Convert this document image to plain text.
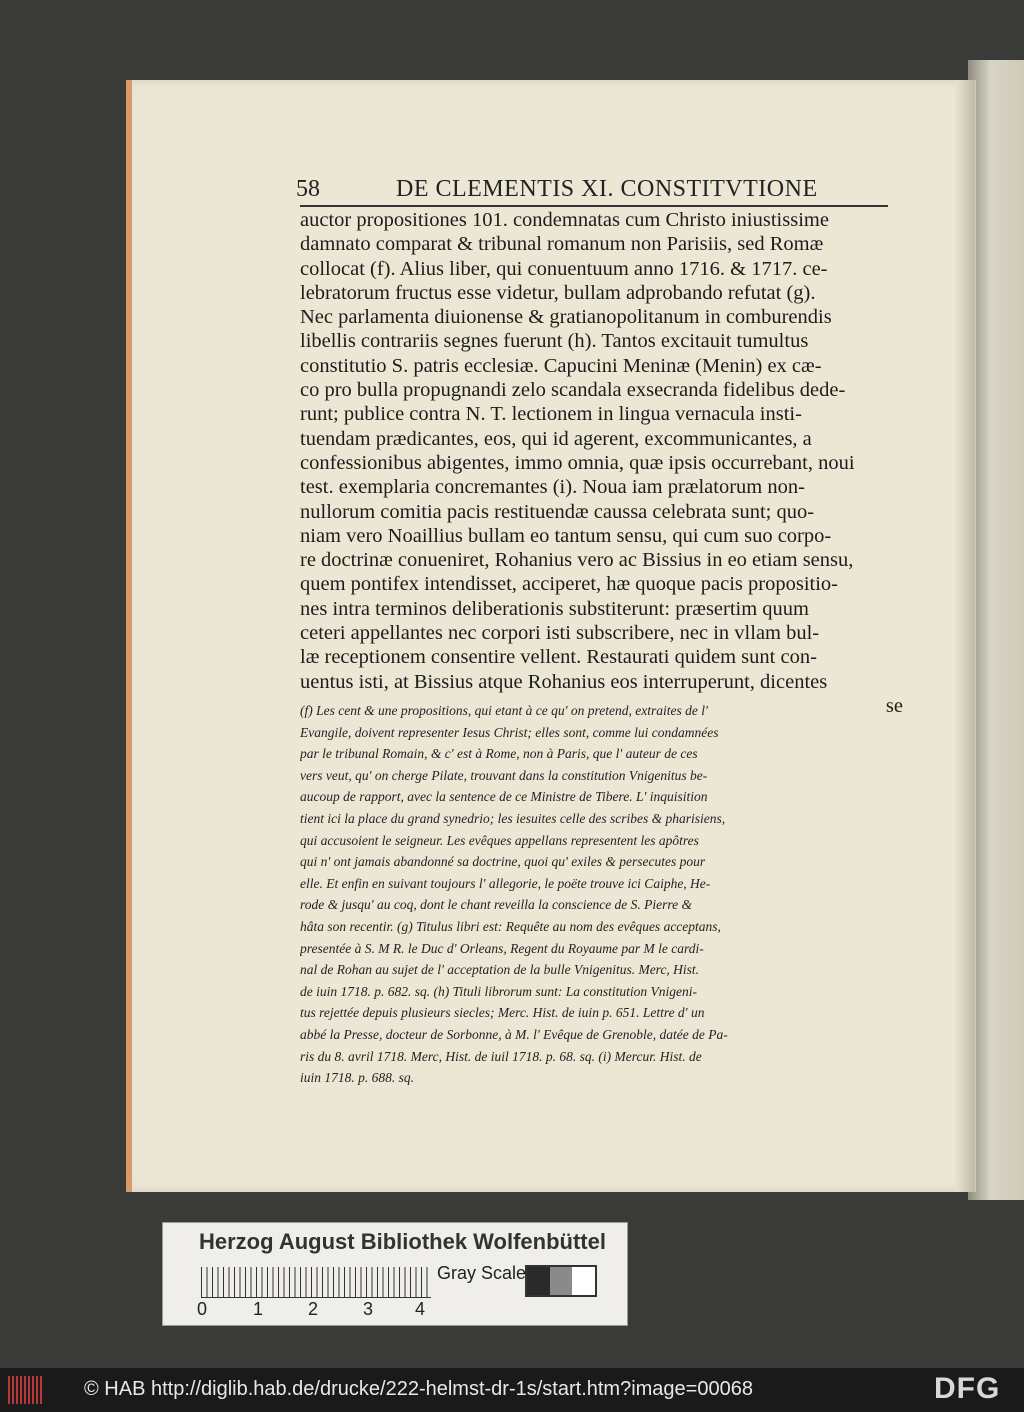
58	DE CLEMENTIS XI. CONSTITVTIONE
auctor propositiones 101. condemnatas cum Christo iniustissime
damnato comparat & tribunal romanum non Parisiis, sed Romæ
collocat (f). Alius liber, qui conuentuum anno 1716. & 1717. ce-
lebratorum fructus esse videtur, bullam adprobando refutat (g).
Nec parlamenta diuionense & gratianopolitanum in comburendis
libellis contrariis segnes fuerunt (h). Tantos excitauit tumultus
constitutio S. patris ecclesiæ. Capucini Meninæ (Menin) ex cæ-
co pro bulla propugnandi zelo scandala exsecranda fidelibus dede-
runt; publice contra N. T. lectionem in lingua vernacula insti-
tuendam prædicantes, eos, qui id agerent, excommunicantes, a
confessionibus abigentes, immo omnia, quæ ipsis occurrebant, noui
test. exemplaria concremantes (i). Noua iam prælatorum non-
nullorum comitia pacis restituendæ caussa celebrata sunt; quo-
niam vero Noaillius bullam eo tantum sensu, qui cum suo corpo-
re doctrinæ conueniret, Rohanius vero ac Bissius in eo etiam sensu,
quem pontifex intendisset, acciperet, hæ quoque pacis propositio-
nes intra terminos deliberationis substiterunt: præsertim quum
ceteri appellantes nec corpori isti subscribere, nec in vllam bul-
læ receptionem consentire vellent. Restaurati quidem sunt con-
uentus isti, at Bissius atque Rohanius eos interruperunt, dicentes
se
(f) Les cent & une propositions, qui etant à ce qu' on pretend, extraites de l'
Evangile, doivent representer Iesus Christ; elles sont, comme lui condamnées
par le tribunal Romain, & c' est à Rome, non à Paris, que l' auteur de ces
vers veut, qu' on cherge Pilate, trouvant dans la constitution Vnigenitus be-
aucoup de rapport, avec la sentence de ce Ministre de Tibere. L' inquisition
tient ici la place du grand synedrio; les iesuites celle des scribes & pharisiens,
qui accusoient le seigneur. Les evêques appellans representent les apôtres
qui n' ont jamais abandonné sa doctrine, quoi qu' exiles & persecutes pour
elle. Et enfin en suivant toujours l' allegorie, le poëte trouve ici Caiphe, He-
rode & jusqu' au coq, dont le chant reveilla la conscience de S. Pierre &
hâta son recentir. (g) Titulus libri est: Requête au nom des evêques acceptans,
presentée à S. M R. le Duc d' Orleans, Regent du Royaume par M le cardi-
nal de Rohan au sujet de l' acceptation de la bulle Vnigenitus. Merc, Hist.
de iuin 1718. p. 682. sq. (h) Tituli librorum sunt: La constitution Vnigeni-
tus rejettée depuis plusieurs siecles; Merc. Hist. de iuin p. 651. Lettre d' un
abbé la Presse, docteur de Sorbonne, à M. l' Evêque de Grenoble, datée de Pa-
ris du 8. avril 1718. Merc, Hist. de iuil 1718. p. 68. sq. (i) Mercur. Hist. de
iuin 1718. p. 688. sq.
Herzog August Bibliothek Wolfenbüttel
0	1 2 3 4
Gray Scale
© HAB http://diglib.hab.de/drucke/222-helmst-dr-1s/start.htm?image=00068	DFG
